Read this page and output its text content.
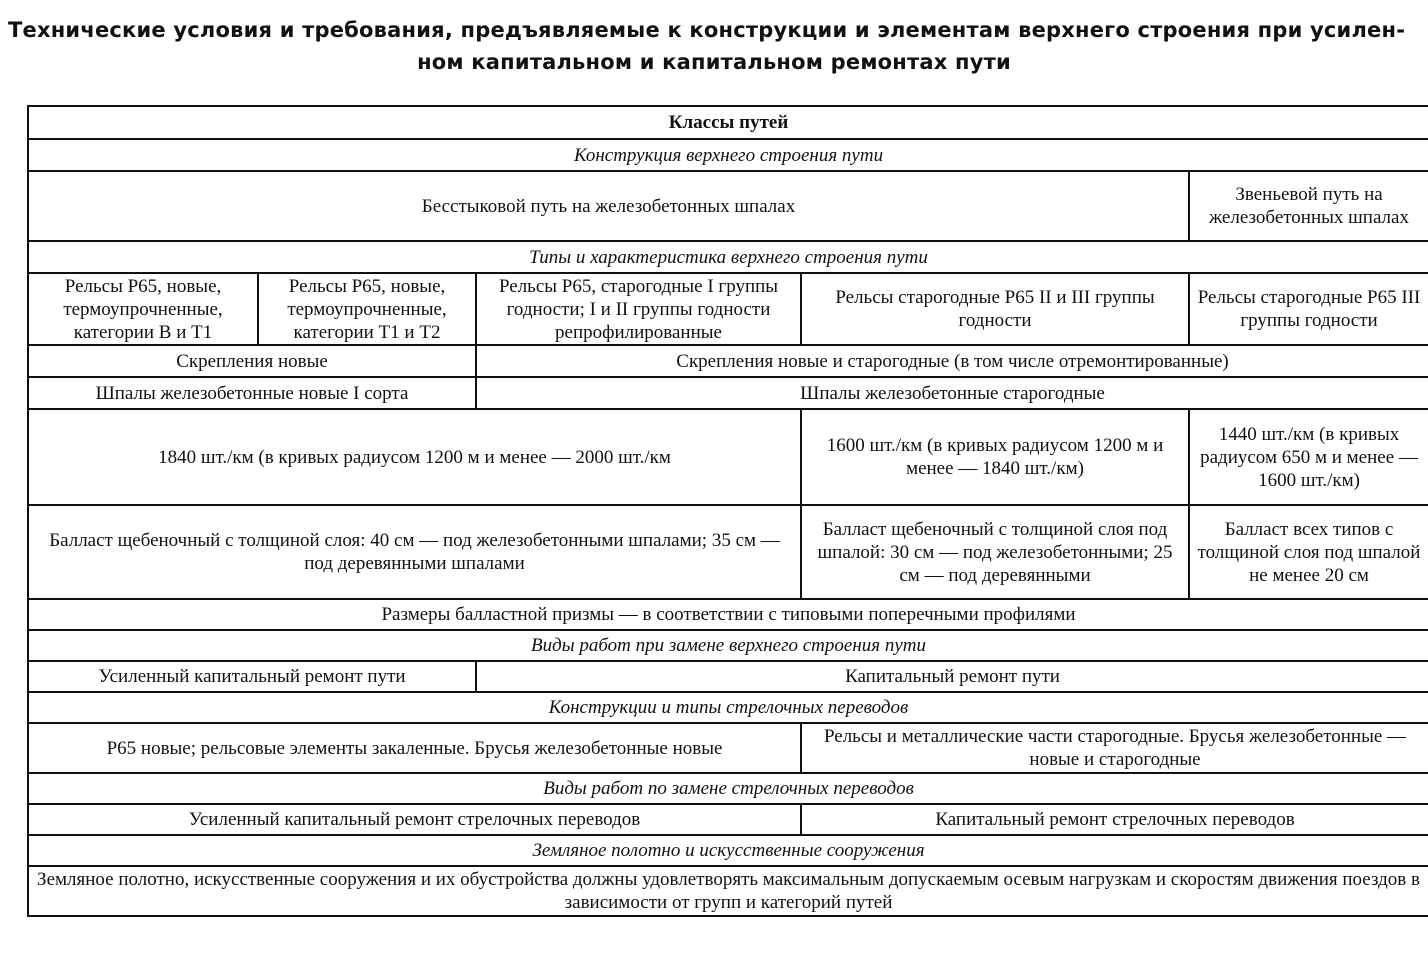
Технические условия и требования, предъявляемые к конструкции и элементам верхнего строения при усилен-
ном капитальном и капитальном ремонтах пути
Классы путей				
Конструкция верхнего строения пути				
Бесстыковой путь на железобетонных шпалах				Звеньевой путь на железобетонных шпалах
Типы и характеристика верхнего строения пути				
Рельсы Р65, новые, термоупрочненные, категории В и Т1	Рельсы Р65, новые, термоупрочненные, категории Т1 и Т2	Рельсы Р65, старогодные I группы годности; I и II группы годности репрофилированные	Рельсы старогодные Р65 II и III группы годности	Рельсы старогодные Р65 III группы годности
Скрепления новые		Скрепления новые и старогодные (в том числе отремонтированные)		
Шпалы железобетонные новые I сорта		Шпалы железобетонные старогодные		
1840 шт./км (в кривых радиусом 1200 м и менее — 2000 шт./км			1600 шт./км (в кривых радиусом 1200 м и менее — 1840 шт./км)	1440 шт./км (в кривых радиусом 650 м и менее — 1600 шт./км)
Балласт щебеночный с толщиной слоя: 40 см — под железобетонными шпалами; 35 см — под деревянными шпалами			Балласт щебеночный с толщиной слоя под шпалой: 30 см — под железобетонными; 25 см — под деревянными	Балласт всех типов с толщиной слоя под шпалой не менее 20 см
Размеры балластной призмы — в соответствии с типовыми поперечными профилями				
Виды работ при замене верхнего строения пути				
Усиленный капитальный ремонт пути		Капитальный ремонт пути		
Конструкции и типы стрелочных переводов				
Р65 новые; рельсовые элементы закаленные. Брусья железобетонные новые			Рельсы и металлические части старогодные. Брусья железобетонные — новые и старогодные	
Виды работ по замене стрелочных переводов				
Усиленный капитальный ремонт стрелочных переводов			Капитальный ремонт стрелочных переводов	
Земляное полотно и искусственные сооружения				
Земляное полотно, искусственные сооружения и их обустройства должны удовлетворять максимальным допускаемым осевым нагрузкам и скоростям движения поездов в зависимости от групп и категорий путей				
